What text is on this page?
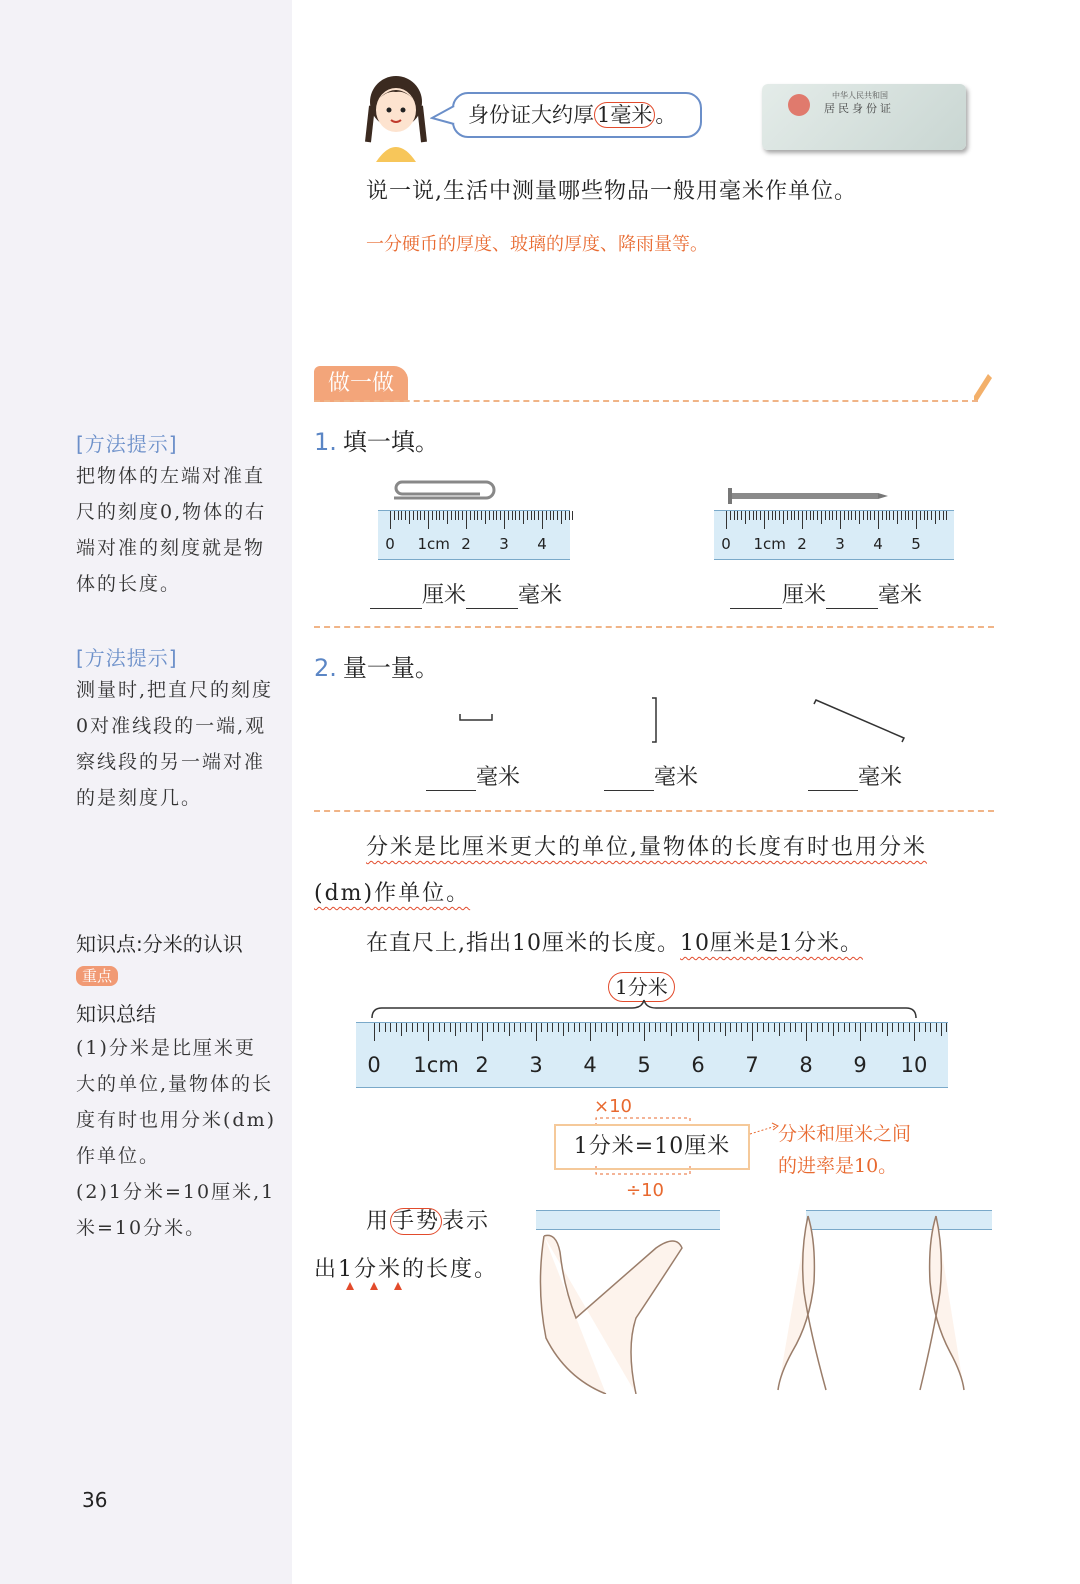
[方法提示]
把物体的左端对准直尺的刻度0,物体的右端对准的刻度就是物体的长度。
[方法提示]
测量时,把直尺的刻度0对准线段的一端,观察线段的另一端对准的是刻度几。
知识点:分米的认识
重点
知识总结
(1)分米是比厘米更大的单位,量物体的长度有时也用分米(dm)作单位。
(2)1分米=10厘米,1米=10分米。
36
身份证大约厚 1毫米 。
中华人民共和国
居民身份证
说一说,生活中测量哪些物品一般用毫米作单位。
一分硬币的厚度、玻璃的厚度、降雨量等。
做一做
1. 填一填。
0 1cm 2 3 4	0 1cm 2 3 4 5
厘米 毫米	厘米 毫米
2. 量一量。
毫米	毫米	毫米
分米是比厘米更大的单位,量物体的长度有时也用分米
(dm)作单位。
在直尺上,指出10厘米的长度。10厘米是1分米。
1分米
0 1cm 2 3 4 5 6 7 8 9 10
×10
1分米=10厘米
÷10
分米和厘米之间
的进率是10。
用手势表示
出1分米的长度。
